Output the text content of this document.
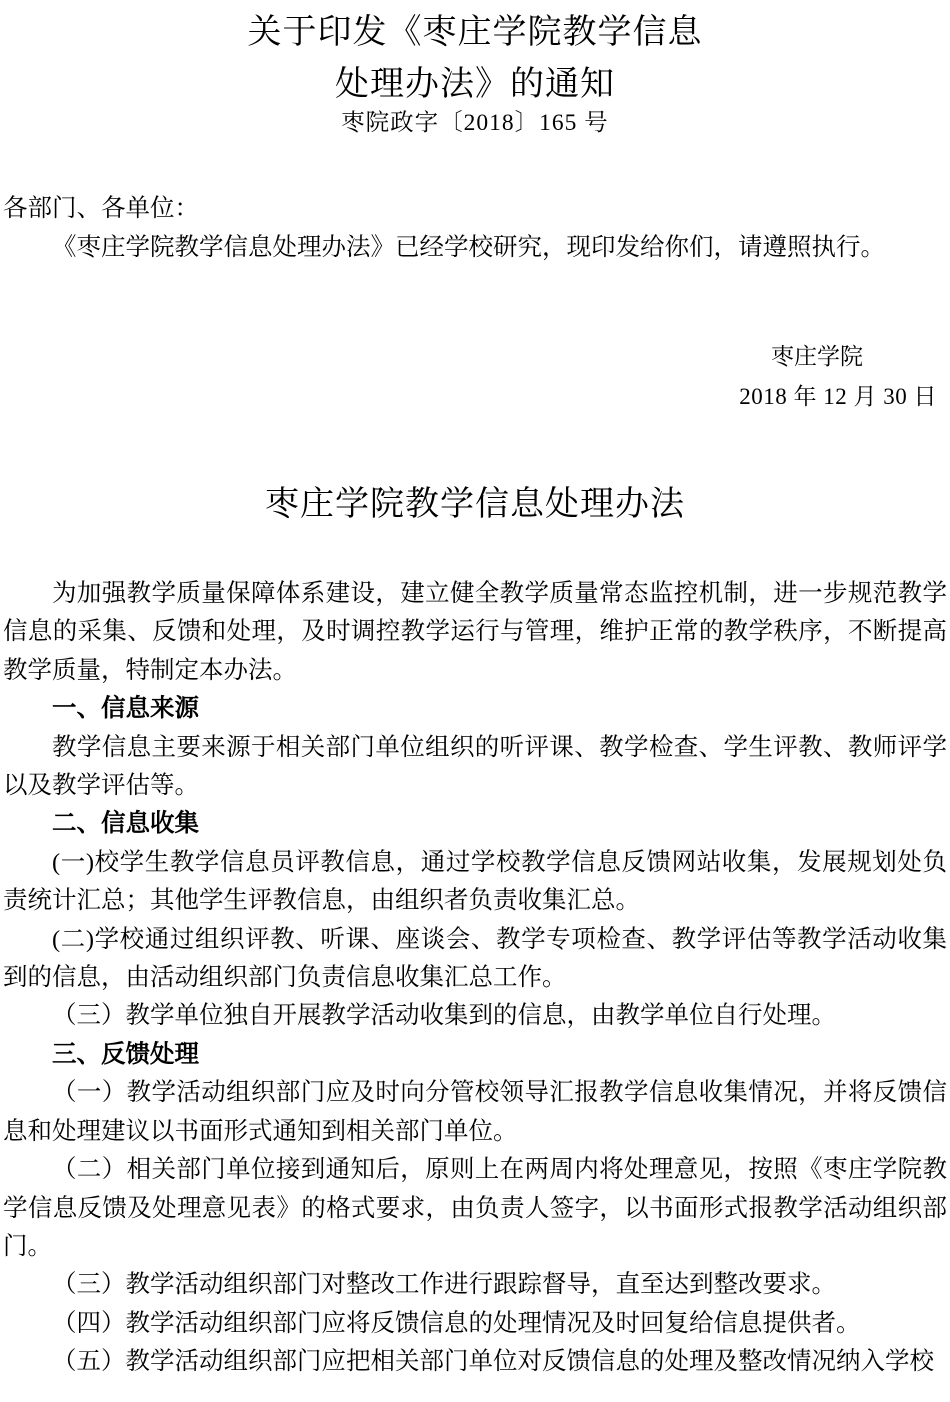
关于印发《枣庄学院教学信息
处理办法》的通知
枣院政字〔2018〕165 号

各部门、各单位：

《枣庄学院教学信息处理办法》已经学校研究，现印发给你们，请遵照执行。

枣庄学院
2018 年 12 月 30 日
枣庄学院教学信息处理办法

为加强教学质量保障体系建设，建立健全教学质量常态监控机制，进一步规范教学信息的采集、反馈和处理，及时调控教学运行与管理，维护正常的教学秩序，不断提高教学质量，特制定本办法。

一、信息来源

教学信息主要来源于相关部门单位组织的听评课、教学检查、学生评教、教师评学以及教学评估等。

二、信息收集

(一)校学生教学信息员评教信息，通过学校教学信息反馈网站收集，发展规划处负责统计汇总；其他学生评教信息，由组织者负责收集汇总。

(二)学校通过组织评教、听课、座谈会、教学专项检查、教学评估等教学活动收集到的信息，由活动组织部门负责信息收集汇总工作。

（三）教学单位独自开展教学活动收集到的信息，由教学单位自行处理。

三、反馈处理

（一）教学活动组织部门应及时向分管校领导汇报教学信息收集情况，并将反馈信息和处理建议以书面形式通知到相关部门单位。

（二）相关部门单位接到通知后，原则上在两周内将处理意见，按照《枣庄学院教学信息反馈及处理意见表》的格式要求，由负责人签字，以书面形式报教学活动组织部门。

（三）教学活动组织部门对整改工作进行跟踪督导，直至达到整改要求。

（四）教学活动组织部门应将反馈信息的处理情况及时回复给信息提供者。

（五）教学活动组织部门应把相关部门单位对反馈信息的处理及整改情况纳入学校
